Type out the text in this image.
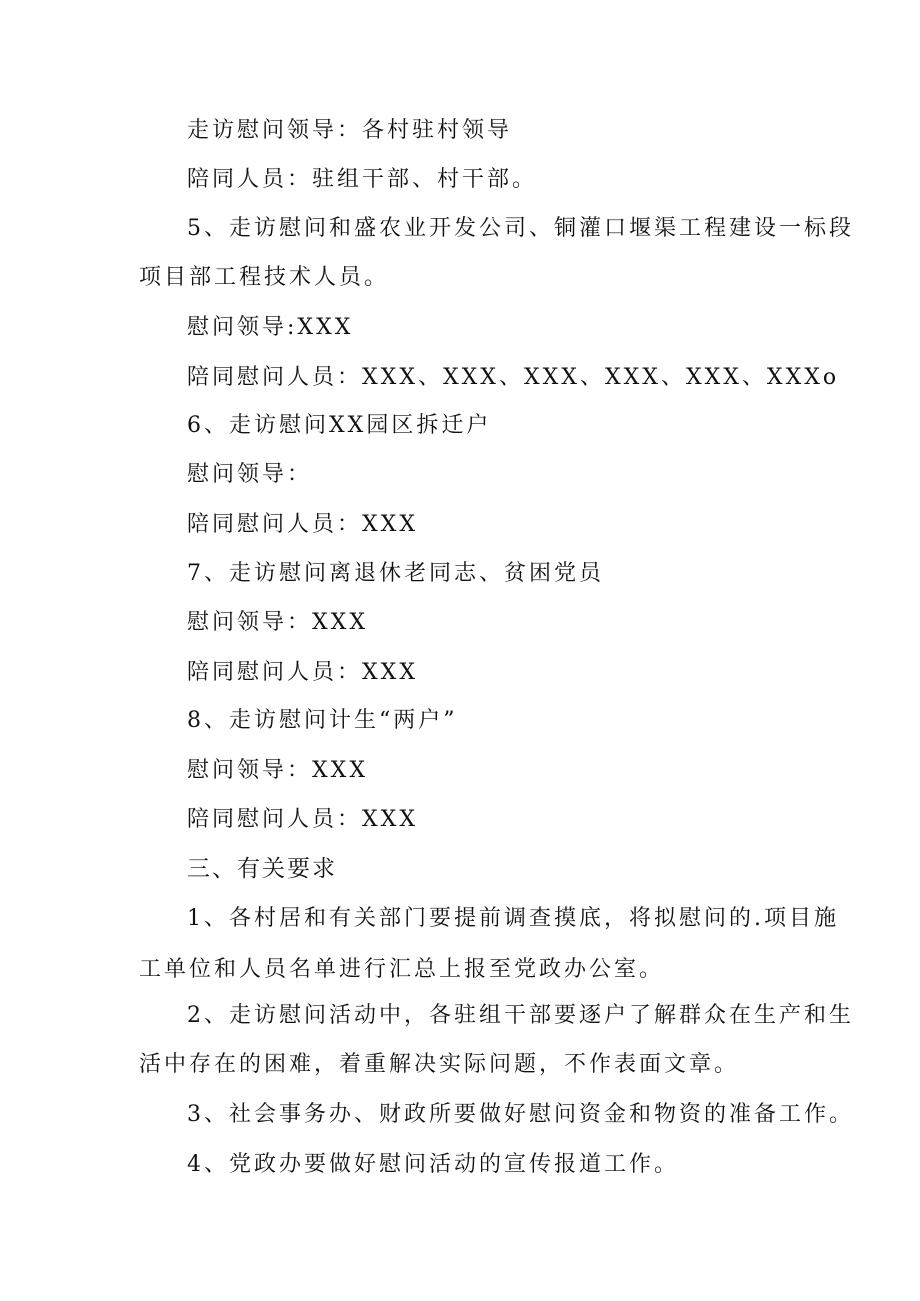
走访慰问领导：各村驻村领导
陪同人员：驻组干部、村干部。
5、走访慰问和盛农业开发公司、铜灌口堰渠工程建设一标段
项目部工程技术人员。
慰问领导:XXX
陪同慰问人员：XXX、XXX、XXX、XXX、XXX、XXXo
6、走访慰问XX园区拆迁户
慰问领导：
陪同慰问人员：XXX
7、走访慰问离退休老同志、贫困党员
慰问领导：XXX
陪同慰问人员：XXX
8、走访慰问计生“两户”
慰问领导：XXX
陪同慰问人员：XXX
三、有关要求
1、各村居和有关部门要提前调查摸底，将拟慰问的.项目施
工单位和人员名单进行汇总上报至党政办公室。
2、走访慰问活动中，各驻组干部要逐户了解群众在生产和生
活中存在的困难，着重解决实际问题，不作表面文章。
3、社会事务办、财政所要做好慰问资金和物资的准备工作。
4、党政办要做好慰问活动的宣传报道工作。
